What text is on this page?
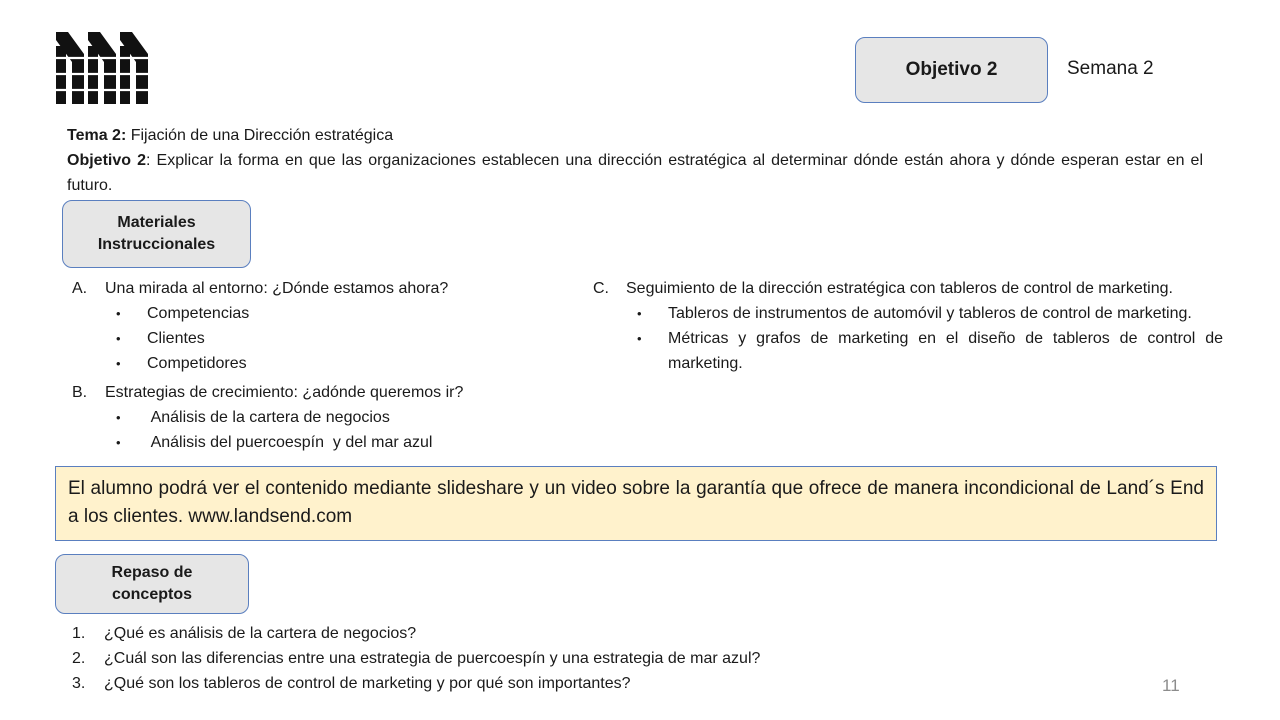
Objetivo 2	Semana 2
Tema 2: Fijación de una Dirección estratégica
Objetivo 2: Explicar la forma en que las organizaciones establecen una dirección estratégica al determinar dónde están ahora y dónde esperan estar en el futuro.
Materiales
Instruccionales
A.	Una mirada al entorno: ¿Dónde estamos ahora?
•	Competencias
•	Clientes
•	Competidores
B.	Estrategias de crecimiento: ¿adónde queremos ir?
•	Análisis de la cartera de negocios
•	Análisis del puercoespín  y del mar azul
C.	Seguimiento de la dirección estratégica con tableros de control de marketing.
•	Tableros de instrumentos de automóvil y tableros de control de marketing.
•	Métricas y grafos de marketing en el diseño de tableros de control de marketing.
El alumno podrá ver el contenido mediante slideshare y un video sobre la garantía que ofrece de manera incondicional de Land´s End a los clientes. www.landsend.com
Repaso de
conceptos
1.	¿Qué es análisis de la cartera de negocios?
2.	¿Cuál son las diferencias entre una estrategia de puercoespín y una estrategia de mar azul?
3.	¿Qué son los tableros de control de marketing y por qué son importantes?	11
